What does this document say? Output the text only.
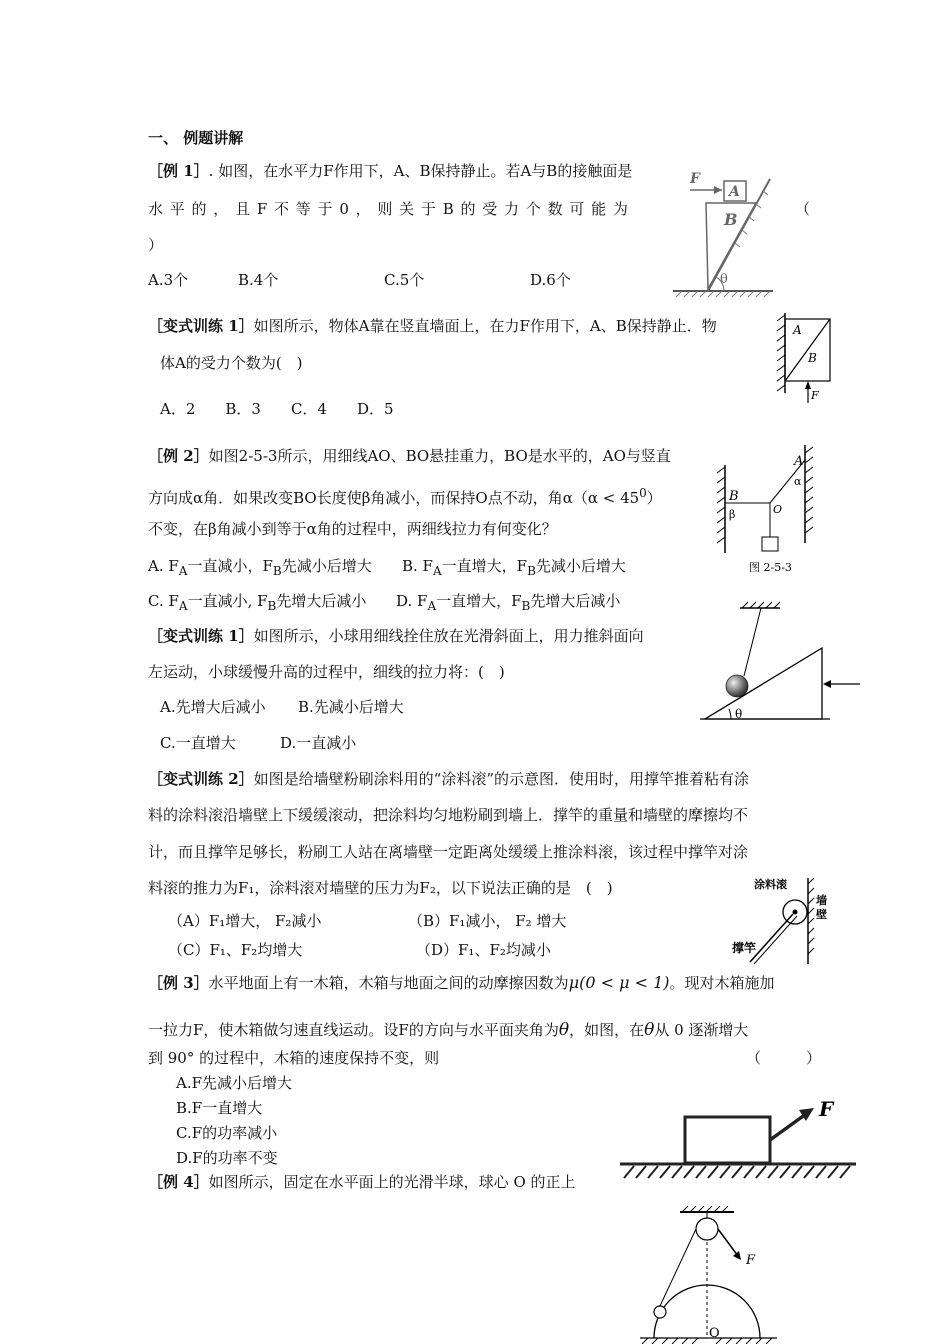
一、 例题讲解
［例 1］. 如图，在水平力F作用下，A、B保持静止。若A与B的接触面是
水 平 的 ， 且 F 不 等 于 0 ， 则 关 于 B 的 受 力 个 数 可 能 为	（
）
A.3个	B.4个	C.5个	D.6个
F
A
B
θ
［变式训练 1］如图所示，物体A靠在竖直墙面上，在力F作用下，A、B保持静止．物
体A的受力个数为(　)
A．2　　B．3　　C．4　　D．5
A
B
F
［例 2］如图2-5-3所示，用细线AO、BO悬挂重力，BO是水平的，AO与竖直
方向成α角．如果改变BO长度使β角减小，而保持O点不动，角$\alpha(\alpha < 45^0)$
不变，在β角减小到等于α角的过程中，两细线拉力有何变化？
A. $F_A$一直减小，$F_B$先减小后增大 B. $F_A$一直增大，$F_B$先减小后增大
C. $F_A$一直减小, $F_B$先增大后减小 D. $F_A$一直增大，$F_B$先增大后减小
A
B
O
α
β
图 2-5-3
［变式训练 1］如图所示，小球用细线拴住放在光滑斜面上，用力推斜面向
左运动，小球缓慢升高的过程中，细线的拉力将：(　)
A.先增大后减小 B.先减小后增大
C.一直增大	D.一直减小
θ
［变式训练 2］如图是给墙壁粉刷涂料用的“涂料滚”的示意图．使用时，用撑竿推着粘有涂
料的涂料滚沿墙壁上下缓缓滚动，把涂料均匀地粉刷到墙上．撑竿的重量和墙壁的摩擦均不
计，而且撑竿足够长，粉刷工人站在离墙壁一定距离处缓缓上推涂料滚，该过程中撑竿对涂
料滚的推力为F₁，涂料滚对墙壁的压力为F₂，以下说法正确的是　(　)
（A）F₁增大， F₂减小	（B）F₁减小， F₂ 增大
（C）F₁、F₂均增大	（D）F₁、F₂均减小
涂料滚
撑竿
墙
壁
［例 3］水平地面上有一木箱，木箱与地面之间的动摩擦因数为μ(0 < μ < 1)。现对木箱施加
一拉力F，使木箱做匀速直线运动。设F的方向与水平面夹角为θ，如图，在θ从 0 逐渐增大
到 90° 的过程中，木箱的速度保持不变，则	（　　　）
A.F先减小后增大
B.F一直增大
C.F的功率减小
D.F的功率不变
F
［例 4］如图所示，固定在水平面上的光滑半球，球心 O 的正上
F
O
